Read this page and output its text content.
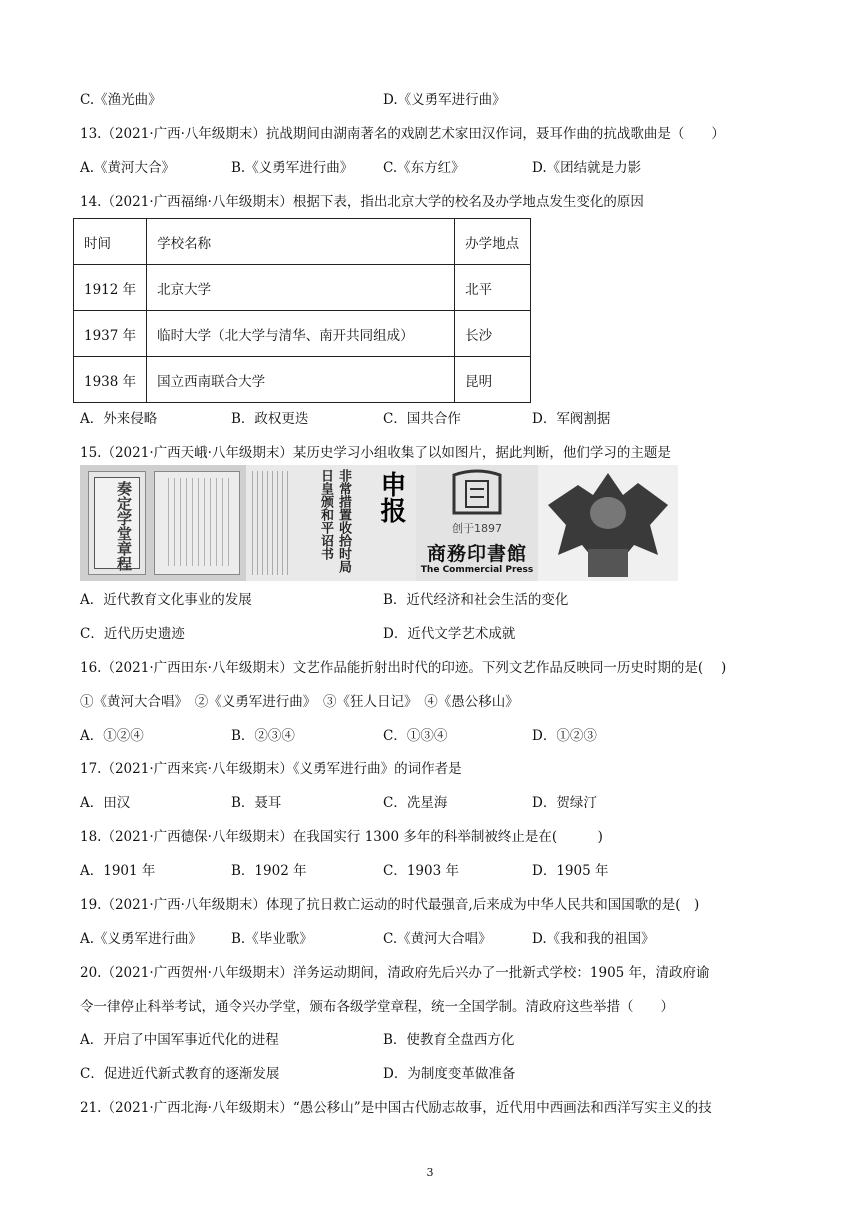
C.《渔光曲》	D.《义勇军进行曲》
13.（2021·广西·八年级期末）抗战期间由湖南著名的戏剧艺术家田汉作词，聂耳作曲的抗战歌曲是（　　）
A.《黄河大合》	B.《义勇军进行曲》 C.《东方红》	D.《团结就是力影
14.（2021·广西福绵·八年级期末）根据下表，指出北京大学的校名及办学地点发生变化的原因
时间	学校名称	办学地点
1912 年	北京大学	北平
1937 年	临时大学（北大学与清华、南开共同组成）	长沙
1938 年	国立西南联合大学	昆明
A．外来侵略	B．政权更迭	C．国共合作	D．军阀割据
15.（2021·广西天峨·八年级期末）某历史学习小组收集了以如图片，据此判断，他们学习的主题是
奏定学堂章程	非常措置收拾时局 日皇颁和平诏书	申报
创于1897
商務印書館
The Commercial Press
A．近代教育文化事业的发展	B．近代经济和社会生活的变化
C．近代历史遗迹	D．近代文学艺术成就
16.（2021·广西田东·八年级期末）文艺作品能折射出时代的印迹。下列文艺作品反映同一历史时期的是(　 )
①《黄河大合唱》　②《义勇军进行曲》　③《狂人日记》　④《愚公移山》
A．①②④	B．②③④	C．①③④	D．①②③
17.（2021·广西来宾·八年级期末）《义勇军进行曲》的词作者是
A．田汉	B．聂耳	C．冼星海	D．贺绿汀
18.（2021·广西德保·八年级期末）在我国实行 1300 多年的科举制被终止是在(　　　)
A．1901 年	B．1902 年	C．1903 年	D．1905 年
19.（2021·广西·八年级期末）体现了抗日救亡运动的时代最强音,后来成为中华人民共和国国歌的是(　)
A.《义勇军进行曲》 B.《毕业歌》	C.《黄河大合唱》	D.《我和我的祖国》
20.（2021·广西贺州·八年级期末）洋务运动期间，清政府先后兴办了一批新式学校：1905 年，清政府谕
令一律停止科举考试，通令兴办学堂，颁布各级学堂章程，统一全国学制。清政府这些举措（　　）
A．开启了中国军事近代化的进程	B．使教育全盘西方化
C．促进近代新式教育的逐渐发展	D．为制度变革做准备
21.（2021·广西北海·八年级期末）“愚公移山”是中国古代励志故事，近代用中西画法和西洋写实主义的技
3
